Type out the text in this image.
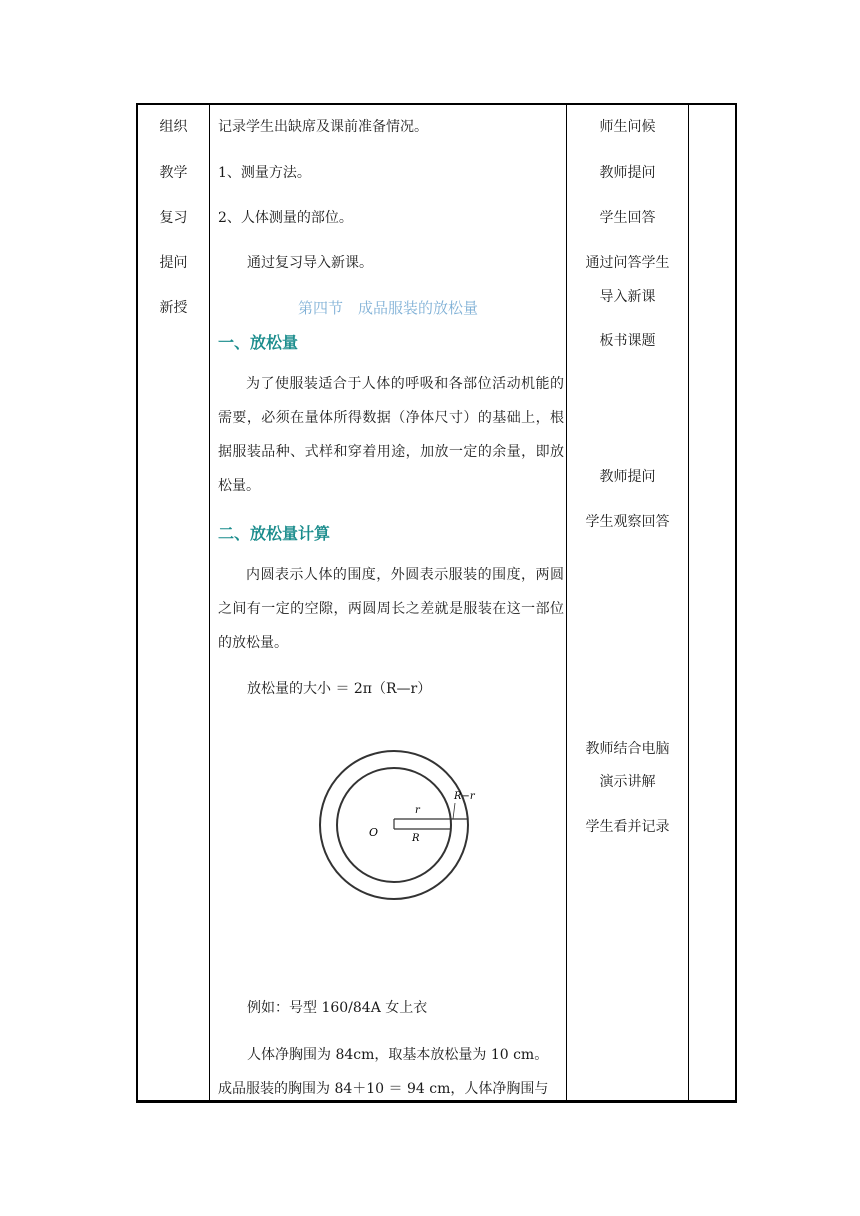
组织
教学
复习
提问
新授
记录学生出缺席及课前准备情况。
1、测量方法。
2、人体测量的部位。
通过复习导入新课。
第四节　成品服装的放松量
一、放松量
为了使服装适合于人体的呼吸和各部位活动机能的需要，必须在量体所得数据（净体尺寸）的基础上，根据服装品种、式样和穿着用途，加放一定的余量，即放松量。
二、放松量计算
内圆表示人体的围度，外圆表示服装的围度，两圆之间有一定的空隙，两圆周长之差就是服装在这一部位的放松量。
放松量的大小 ＝ 2π（R—r）
O
r
R
R−r
例如：号型 160/84A 女上衣
人体净胸围为 84cm，取基本放松量为 10 cm。
成品服装的胸围为 84＋10 ＝ 94 cm，人体净胸围与
师生问候
教师提问
学生回答
通过问答学生
导入新课
板书课题
教师提问
学生观察回答
教师结合电脑
演示讲解
学生看并记录
